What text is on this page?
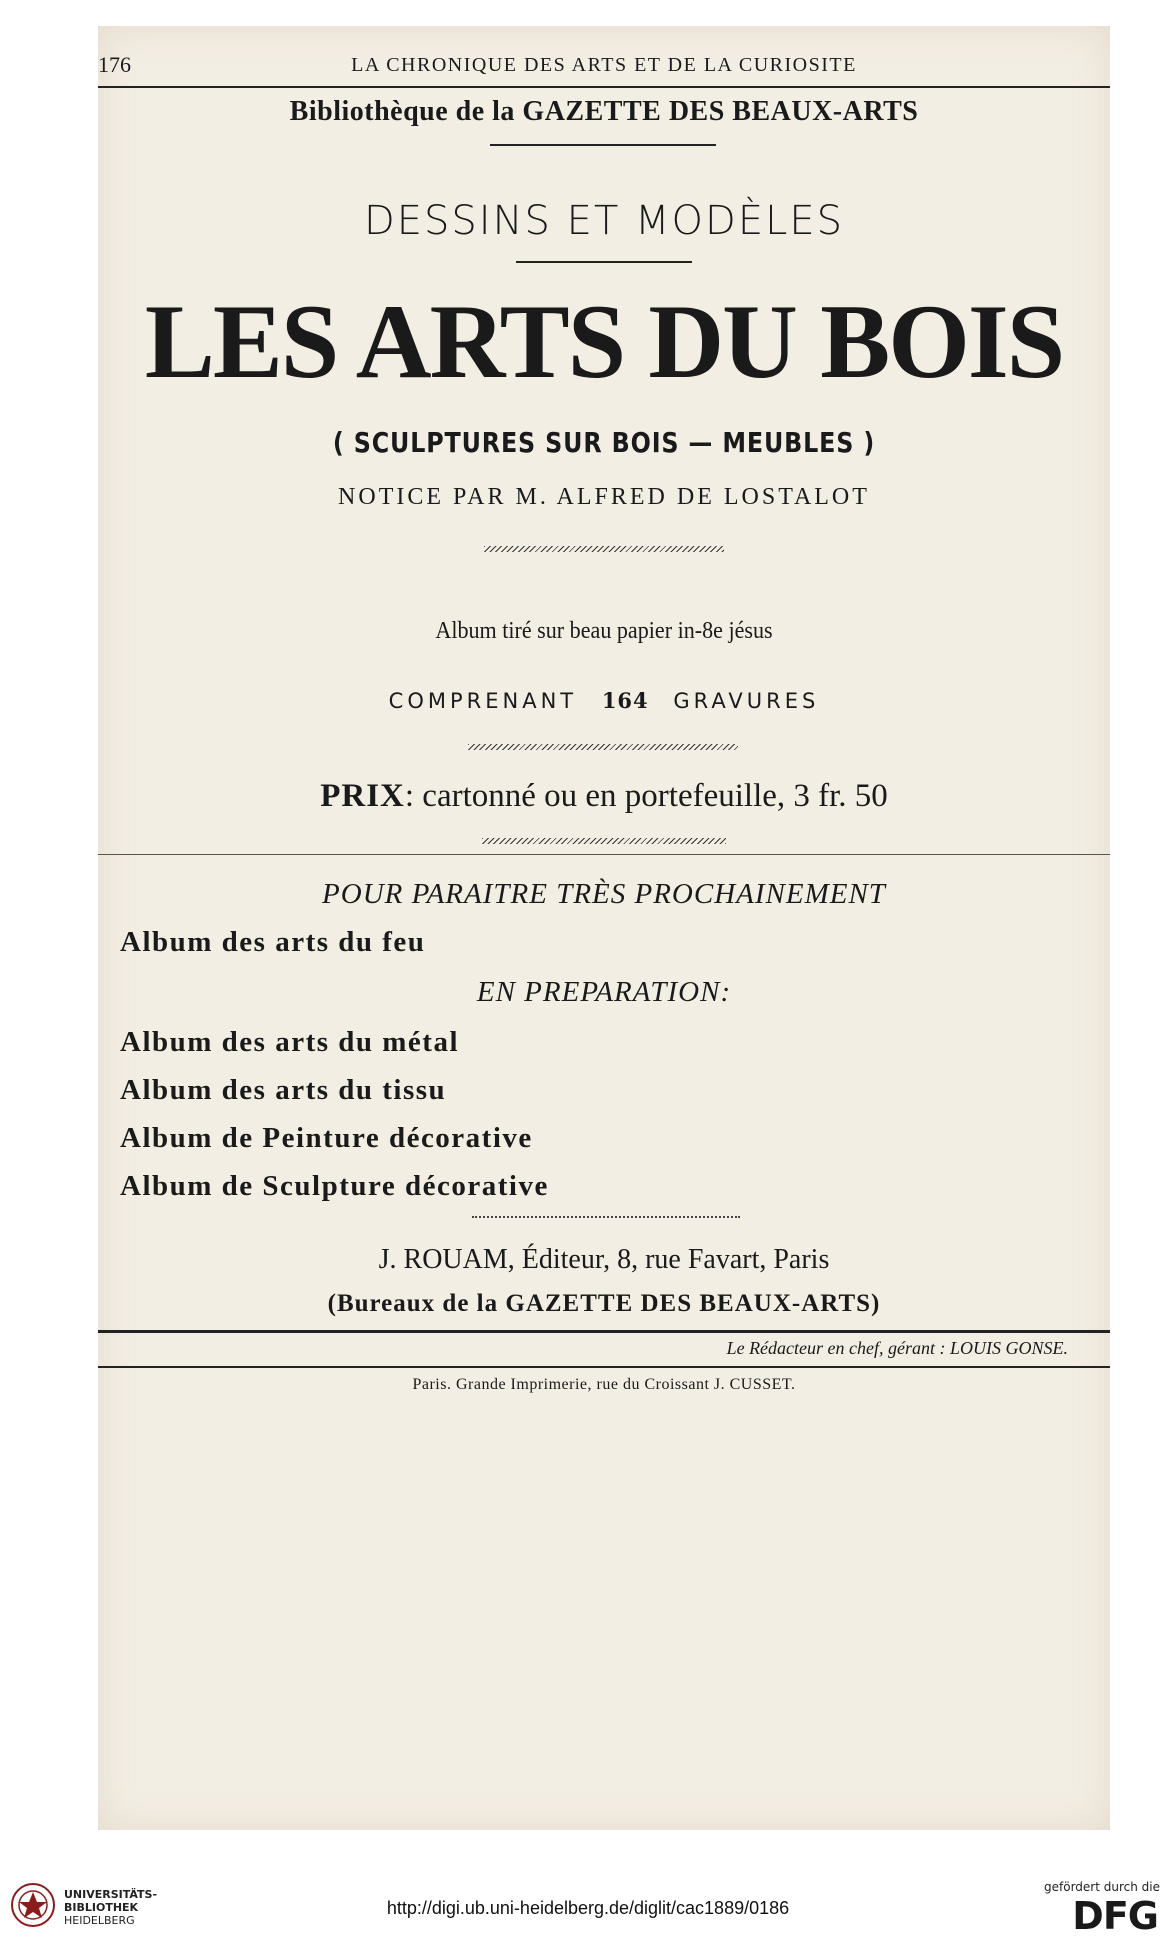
176	LA CHRONIQUE DES ARTS ET DE LA CURIOSITE
Bibliothèque de la GAZETTE DES BEAUX-ARTS
DESSINS ET MODÈLES
LES ARTS DU BOIS
( SCULPTURES SUR BOIS — MEUBLES )
NOTICE PAR M. ALFRED DE LOSTALOT
Album tiré sur beau papier in-8e jésus
COMPRENANT 164 GRAVURES
PRIX: cartonné ou en portefeuille, 3 fr. 50
POUR PARAITRE TRÈS PROCHAINEMENT
Album des arts du feu
EN PREPARATION:
Album des arts du métal
Album des arts du tissu
Album de Peinture décorative
Album de Sculpture décorative
J. ROUAM, Éditeur, 8, rue Favart, Paris
(Bureaux de la GAZETTE DES BEAUX-ARTS)
Le Rédacteur en chef, gérant : LOUIS GONSE.
Paris. Grande Imprimerie, rue du Croissant J. CUSSET.
UNIVERSITÄTS-
BIBLIOTHEK
HEIDELBERG
http://digi.ub.uni-heidelberg.de/diglit/cac1889/0186
gefördert durch die
DFG
